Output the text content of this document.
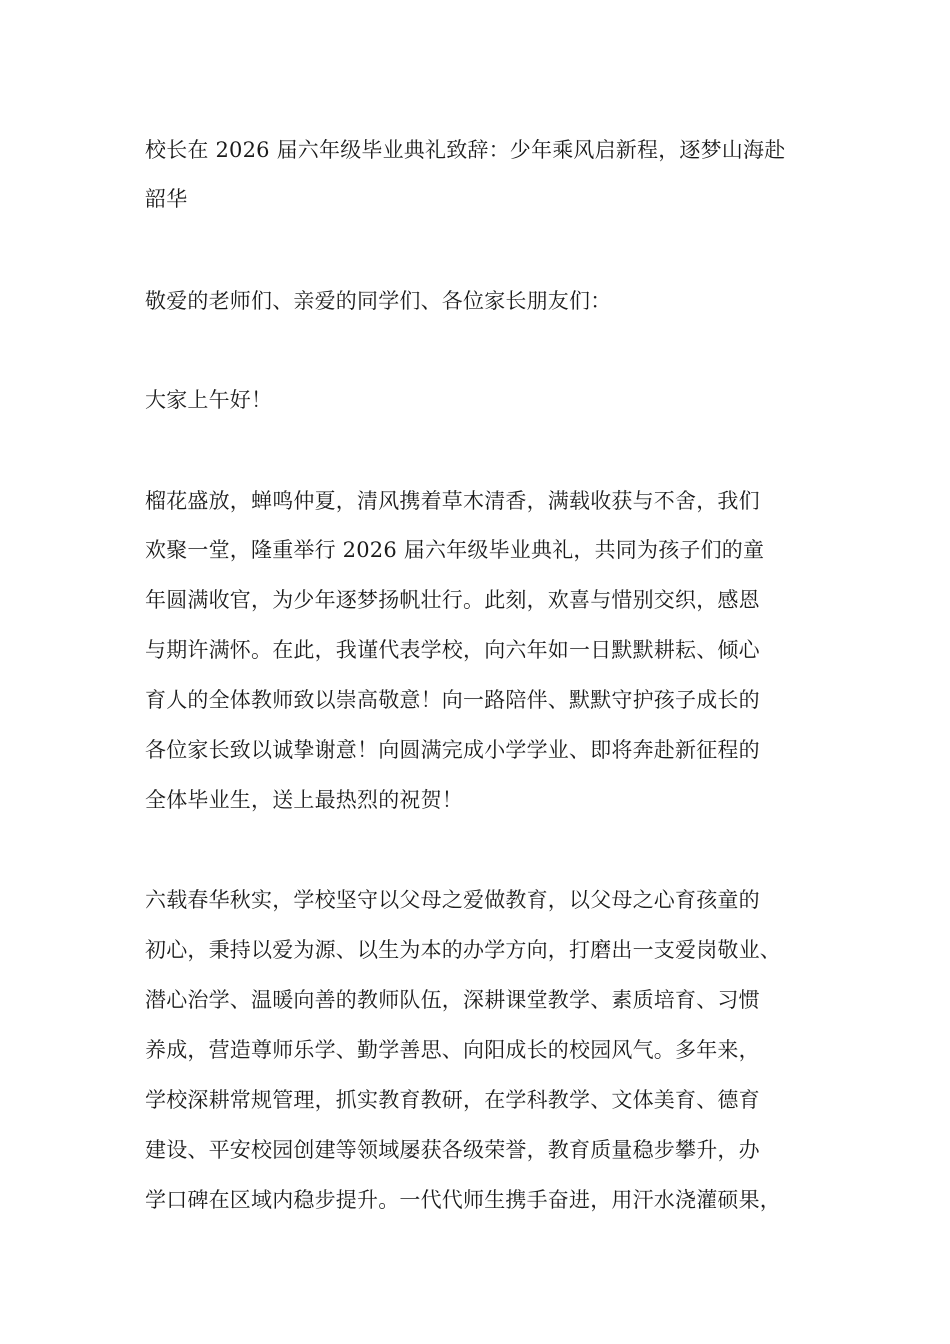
校长在 2026 届六年级毕业典礼致辞：少年乘风启新程，逐梦山海赴

韶华

敬爱的老师们、亲爱的同学们、各位家长朋友们：

大家上午好！

榴花盛放，蝉鸣仲夏，清风携着草木清香，满载收获与不舍，我们

欢聚一堂，隆重举行 2026 届六年级毕业典礼，共同为孩子们的童

年圆满收官，为少年逐梦扬帆壮行。此刻，欢喜与惜别交织，感恩

与期许满怀。在此，我谨代表学校，向六年如一日默默耕耘、倾心

育人的全体教师致以崇高敬意！向一路陪伴、默默守护孩子成长的

各位家长致以诚挚谢意！向圆满完成小学学业、即将奔赴新征程的

全体毕业生，送上最热烈的祝贺！

六载春华秋实，学校坚守以父母之爱做教育，以父母之心育孩童的

初心，秉持以爱为源、以生为本的办学方向，打磨出一支爱岗敬业、

潜心治学、温暖向善的教师队伍，深耕课堂教学、素质培育、习惯

养成，营造尊师乐学、勤学善思、向阳成长的校园风气。多年来，

学校深耕常规管理，抓实教育教研，在学科教学、文体美育、德育

建设、平安校园创建等领域屡获各级荣誉，教育质量稳步攀升，办

学口碑在区域内稳步提升。一代代师生携手奋进，用汗水浇灌硕果，
